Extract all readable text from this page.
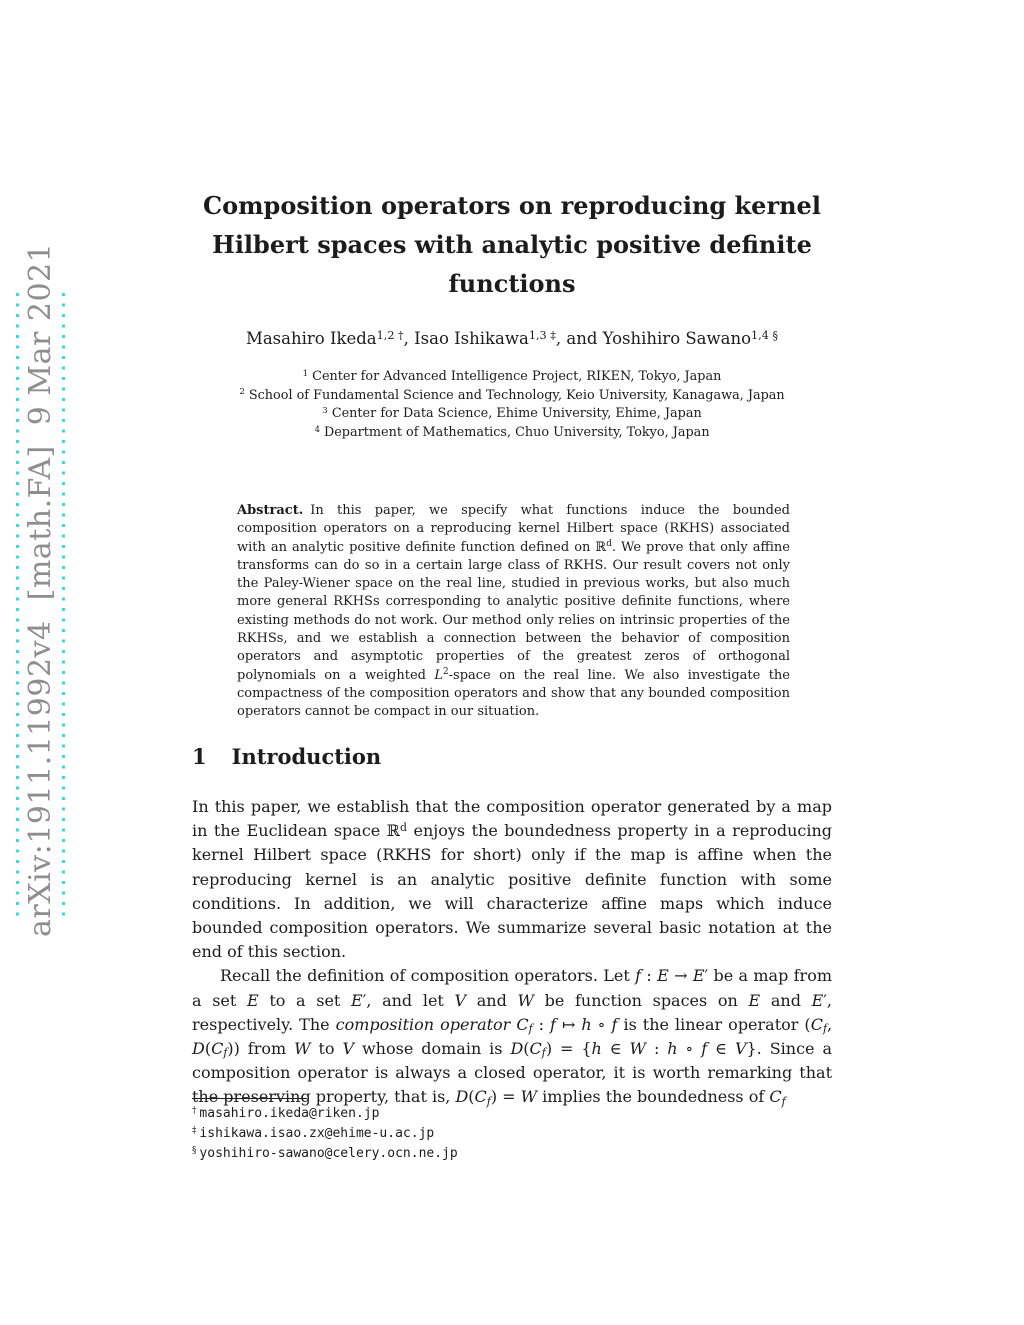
arXiv:1911.11992v4  [math.FA]  9 Mar 2021
Composition operators on reproducing kernel Hilbert spaces with analytic positive definite functions
Masahiro Ikeda$^{1,2 \dagger}$, Isao Ishikawa$^{1,3 \ddagger}$, and Yoshihiro Sawano$^{1,4 \S}$
$^1$ Center for Advanced Intelligence Project, RIKEN, Tokyo, Japan
$^2$ School of Fundamental Science and Technology, Keio University, Kanagawa, Japan
$^3$ Center for Data Science, Ehime University, Ehime, Japan
$^4$ Department of Mathematics, Chuo University, Tokyo, Japan
Abstract. In this paper, we specify what functions induce the bounded composition operators on a reproducing kernel Hilbert space (RKHS) associated with an analytic positive definite function defined on ℝ$^d$. We prove that only affine transforms can do so in a certain large class of RKHS. Our result covers not only the Paley-Wiener space on the real line, studied in previous works, but also much more general RKHSs corresponding to analytic positive definite functions, where existing methods do not work. Our method only relies on intrinsic properties of the RKHSs, and we establish a connection between the behavior of composition operators and asymptotic properties of the greatest zeros of orthogonal polynomials on a weighted $L^2$-space on the real line. We also investigate the compactness of the composition operators and show that any bounded composition operators cannot be compact in our situation.
1 Introduction

In this paper, we establish that the composition operator generated by a map in the Euclidean space ℝ$^d$ enjoys the boundedness property in a reproducing kernel Hilbert space (RKHS for short) only if the map is affine when the reproducing kernel is an analytic positive definite function with some conditions. In addition, we will characterize affine maps which induce bounded composition operators. We summarize several basic notation at the end of this section.

Recall the definition of composition operators. Let f : E → E′ be a map from a set E to a set E′, and let V and W be function spaces on E and E′, respectively. The composition operator $C_f$ : f ↦ h ∘ f is the linear operator ($C_f$, $D(C_f)$) from W to V whose domain is $D(C_f) = \{h$ ∈ W : h ∘ f ∈ V}. Since a composition operator is always a closed operator, it is worth remarking that the preserving property, that is, $D(C_f) = W$ implies the boundedness of $C_f$

† masahiro.ikeda@riken.jp
‡ ishikawa.isao.zx@ehime-u.ac.jp
§ yoshihiro-sawano@celery.ocn.ne.jp
